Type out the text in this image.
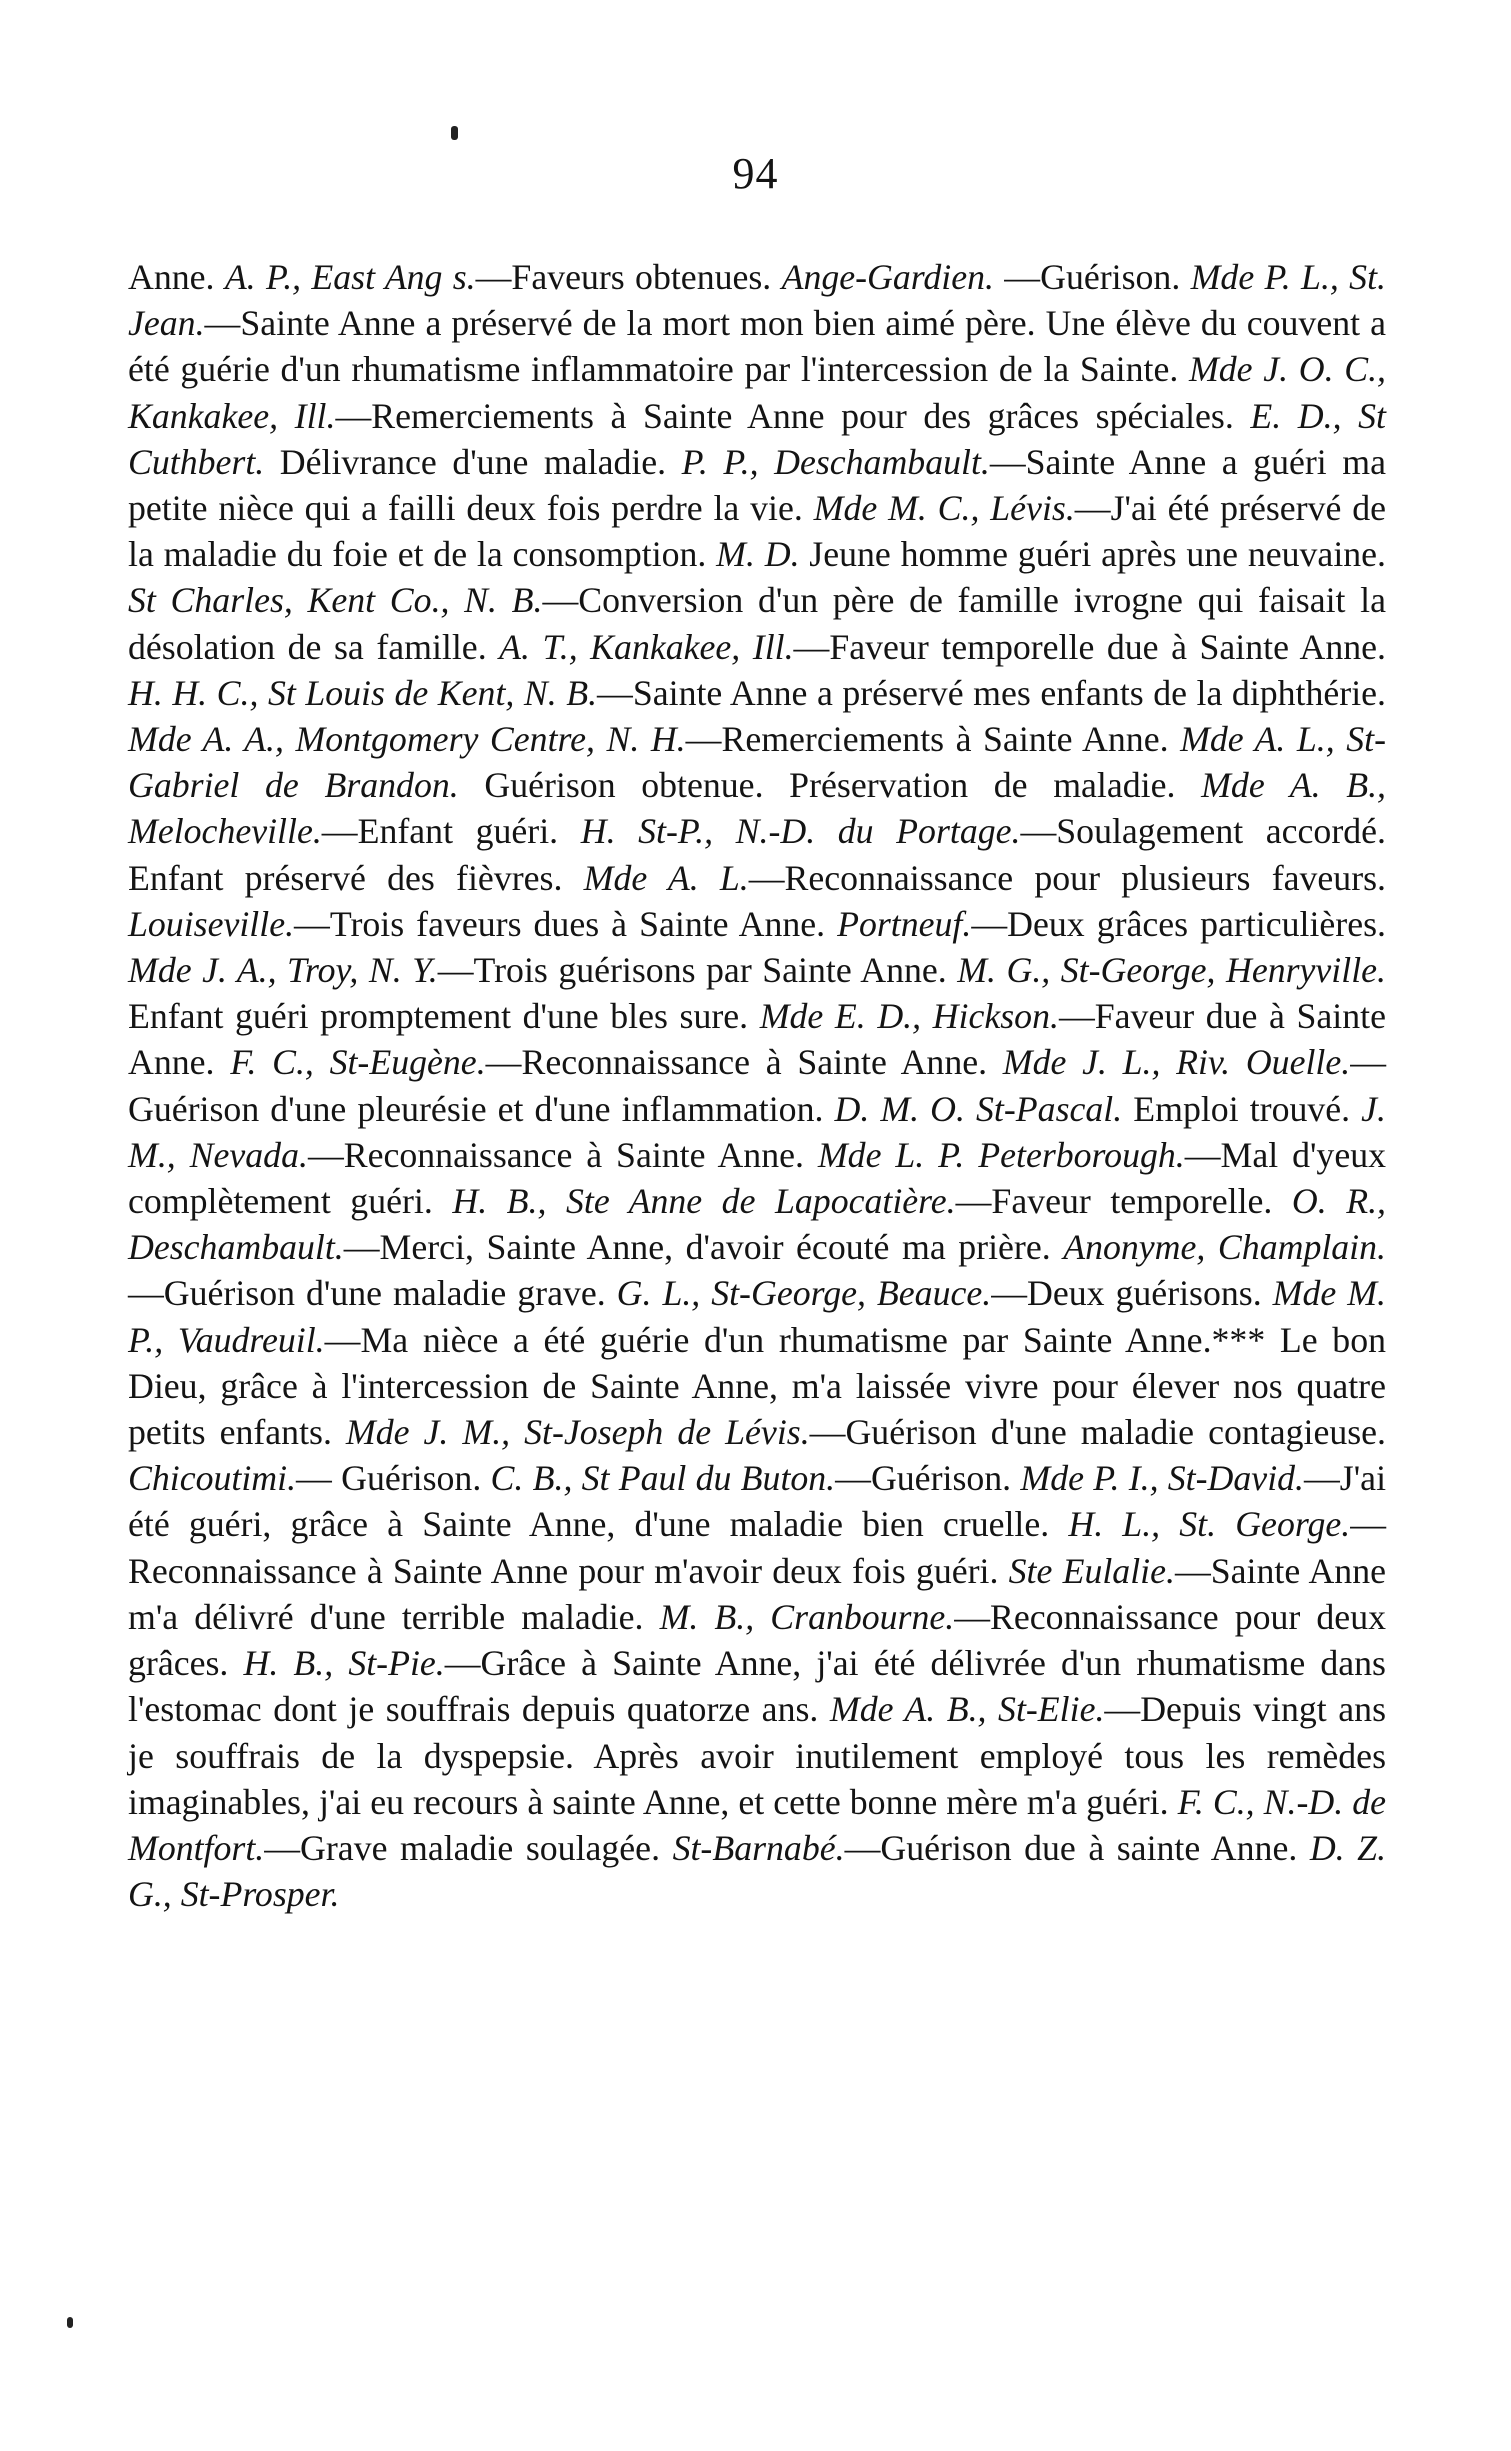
94
Anne. A. P., East Ang s.—Faveurs obtenues. Ange-Gardien. —Guérison. Mde P. L., St. Jean.—Sainte Anne a préservé de la mort mon bien aimé père. Une élève du couvent a été guérie d'un rhumatisme inflammatoire par l'intercession de la Sainte. Mde J. O. C., Kankakee, Ill.—Remerciements à Sainte Anne pour des grâces spéciales. E. D., St Cuthbert. Délivrance d'une maladie. P. P., Deschambault.—Sainte Anne a guéri ma petite nièce qui a failli deux fois perdre la vie. Mde M. C., Lévis.—J'ai été préservé de la maladie du foie et de la consomption. M. D. Jeune homme guéri après une neuvaine. St Charles, Kent Co., N. B.—Conversion d'un père de famille ivrogne qui faisait la désolation de sa famille. A. T., Kankakee, Ill.—Faveur temporelle due à Sainte Anne. H. H. C., St Louis de Kent, N. B.—Sainte Anne a préservé mes enfants de la diphthérie. Mde A. A., Montgomery Centre, N. H.—Remerciements à Sainte Anne. Mde A. L., St-Gabriel de Brandon. Guérison obtenue. Préservation de maladie. Mde A. B., Melocheville.—Enfant guéri. H. St-P., N.-D. du Portage.—Soulagement accordé. Enfant préservé des fièvres. Mde A. L.—Reconnaissance pour plusieurs faveurs. Louiseville.—Trois faveurs dues à Sainte Anne. Portneuf.—Deux grâces particulières. Mde J. A., Troy, N. Y.—Trois guérisons par Sainte Anne. M. G., St-George, Henryville. Enfant guéri promptement d'une bles sure. Mde E. D., Hickson.—Faveur due à Sainte Anne. F. C., St-Eugène.—Reconnaissance à Sainte Anne. Mde J. L., Riv. Ouelle.—Guérison d'une pleurésie et d'une inflammation. D. M. O. St-Pascal. Emploi trouvé. J. M., Nevada.—Reconnaissance à Sainte Anne. Mde L. P. Peterborough.—Mal d'yeux complètement guéri. H. B., Ste Anne de Lapocatière.—Faveur temporelle. O. R., Deschambault.—Merci, Sainte Anne, d'avoir écouté ma prière. Anonyme, Champlain.—Guérison d'une maladie grave. G. L., St-George, Beauce.—Deux guérisons. Mde M. P., Vaudreuil.—Ma nièce a été guérie d'un rhumatisme par Sainte Anne.*** Le bon Dieu, grâce à l'intercession de Sainte Anne, m'a laissée vivre pour élever nos quatre petits enfants. Mde J. M., St-Joseph de Lévis.—Guérison d'une maladie contagieuse. Chicoutimi.— Guérison. C. B., St Paul du Buton.—Guérison. Mde P. I., St-David.—J'ai été guéri, grâce à Sainte Anne, d'une maladie bien cruelle. H. L., St. George.—Reconnaissance à Sainte Anne pour m'avoir deux fois guéri. Ste Eulalie.—Sainte Anne m'a délivré d'une terrible maladie. M. B., Cranbourne.—Reconnaissance pour deux grâces. H. B., St-Pie.—Grâce à Sainte Anne, j'ai été délivrée d'un rhumatisme dans l'estomac dont je souffrais depuis quatorze ans. Mde A. B., St-Elie.—Depuis vingt ans je souffrais de la dyspepsie. Après avoir inutilement employé tous les remèdes imaginables, j'ai eu recours à sainte Anne, et cette bonne mère m'a guéri. F. C., N.-D. de Montfort.—Grave maladie soulagée. St-Barnabé.—Guérison due à sainte Anne. D. Z. G., St-Prosper.
